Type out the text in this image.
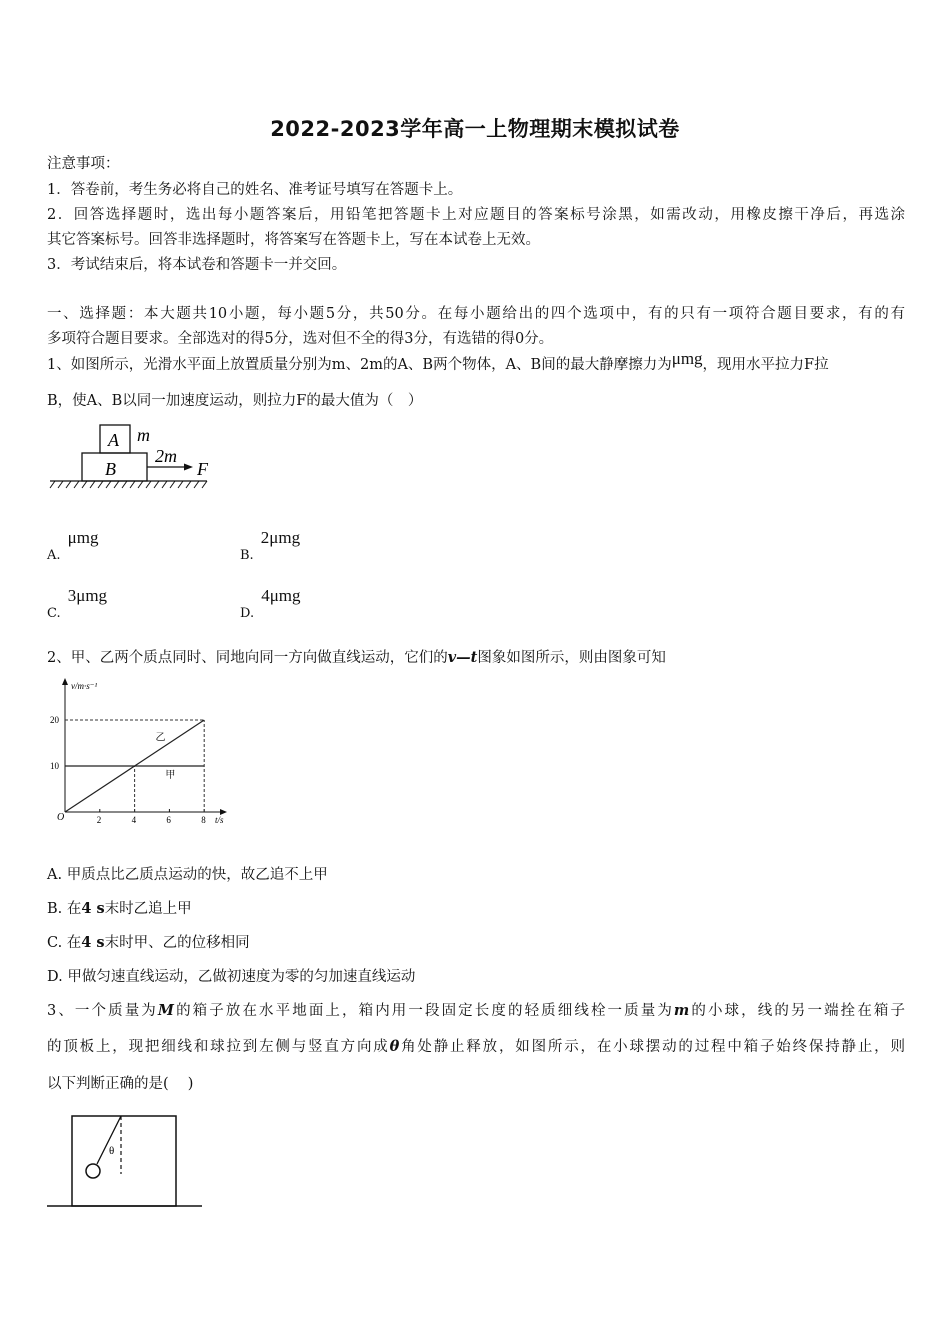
2022-2023学年高一上物理期末模拟试卷
注意事项：
1．答卷前，考生务必将自己的姓名、准考证号填写在答题卡上。
2．回答选择题时，选出每小题答案后，用铅笔把答题卡上对应题目的答案标号涂黑，如需改动，用橡皮擦干净后，再选涂
其它答案标号。回答非选择题时，将答案写在答题卡上，写在本试卷上无效。
3．考试结束后，将本试卷和答题卡一并交回。
一、选择题：本大题共10小题，每小题5分，共50分。在每小题给出的四个选项中，有的只有一项符合题目要求，有的有
多项符合题目要求。全部选对的得5分，选对但不全的得3分，有选错的得0分。
1、如图所示，光滑水平面上放置质量分别为m、2m的A、B两个物体，A、B间的最大静摩擦力为μmg，现用水平拉力F拉
B，使A、B以同一加速度运动，则拉力F的最大值为（　）
A m
B
2m
F
$_{A.}$ μmg
$_{B.}$ 2μmg
$_{C.}$ 3μmg
$_{D.}$ 4μmg
2、甲、乙两个质点同时、同地向同一方向做直线运动，它们的v—t图象如图所示，则由图象可知
甲
乙
2	4	6	8
10
20
O
v/m·s⁻¹
t/s
A. 甲质点比乙质点运动的快，故乙追不上甲
B. 在4 s末时乙追上甲
C. 在4 s末时甲、乙的位移相同
D. 甲做匀速直线运动，乙做初速度为零的匀加速直线运动
3、一个质量为M的箱子放在水平地面上，箱内用一段固定长度的轻质细线栓一质量为m的小球，线的另一端拴在箱子
的顶板上，现把细线和球拉到左侧与竖直方向成θ角处静止释放，如图所示，在小球摆动的过程中箱子始终保持静止，则
以下判断正确的是(　 )
θ
